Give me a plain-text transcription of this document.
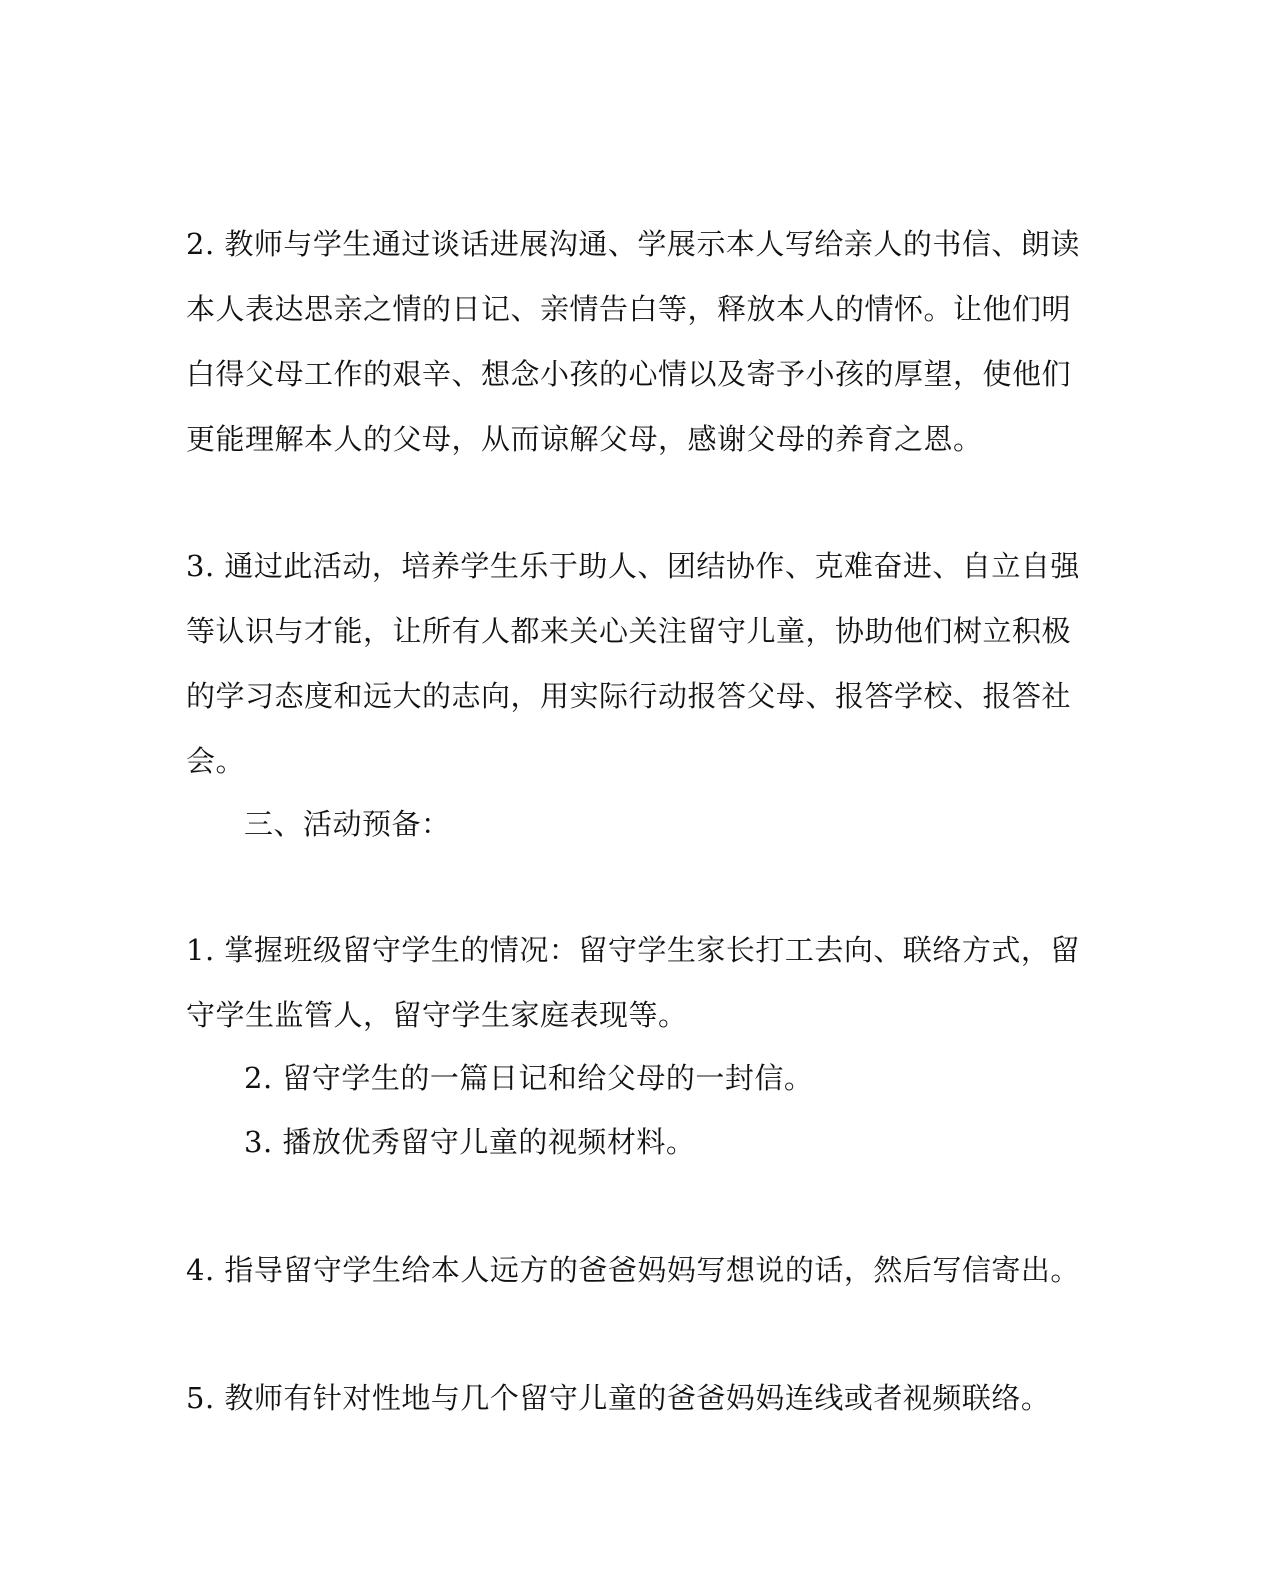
2. 教师与学生通过谈话进展沟通、学展示本人写给亲人的书信、朗读
本人表达思亲之情的日记、亲情告白等，释放本人的情怀。让他们明
白得父母工作的艰辛、想念小孩的心情以及寄予小孩的厚望，使他们
更能理解本人的父母，从而谅解父母，感谢父母的养育之恩。
3. 通过此活动，培养学生乐于助人、团结协作、克难奋进、自立自强
等认识与才能，让所有人都来关心关注留守儿童，协助他们树立积极
的学习态度和远大的志向，用实际行动报答父母、报答学校、报答社
会。
三、活动预备：
1. 掌握班级留守学生的情况：留守学生家长打工去向、联络方式，留
守学生监管人，留守学生家庭表现等。
2. 留守学生的一篇日记和给父母的一封信。
3. 播放优秀留守儿童的视频材料。
4. 指导留守学生给本人远方的爸爸妈妈写想说的话，然后写信寄出。
5. 教师有针对性地与几个留守儿童的爸爸妈妈连线或者视频联络。
